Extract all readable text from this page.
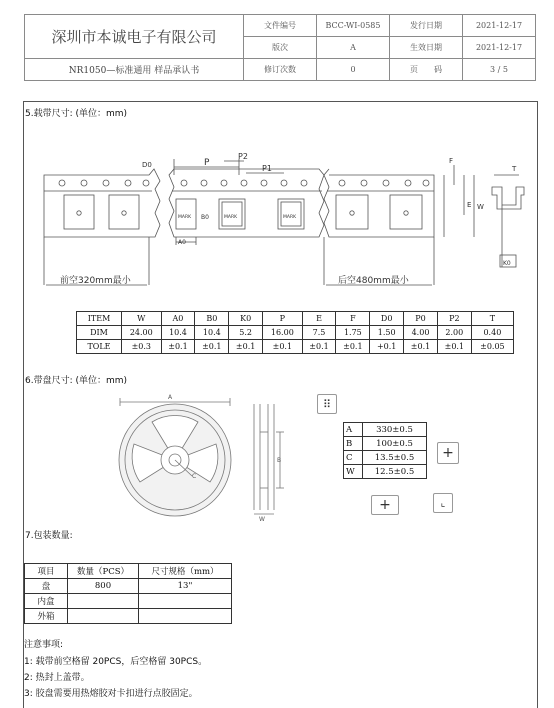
深圳市本诚电子有限公司	文件编号	BCC-WI-0585	发行日期	2021-12-17
	版次	A	生效日期	2021-12-17
NR1050—标准通用 样品承认书	修订次数	0	页　　码	3 / 5
5.载带尺寸: (单位：mm)
D0	P
P2
P1
F
E W
T
B0
A0
K0
MARK	MARK	MARK
前空320mm最小	后空480mm最小
ITEM	W	A0	B0	K0	P	E	F	D0	P0	P2	T
DIM	24.00	10.4	10.4	5.2	16.00	7.5	1.75	1.50	4.00	2.00	0.40
TOLE	±0.3	±0.1	±0.1	±0.1	±0.1	±0.1	±0.1	+0.1	±0.1	±0.1	±0.05
6.带盘尺寸: (单位：mm)
A
B
C
W
A	330±0.5
B	100±0.5
C	13.5±0.5
W	12.5±0.5
⠿
+
+	⌞
7.包装数量:
项目	数量（PCS）	尺寸规格（mm）
盘	800	13"
内盒		
外箱		
注意事项:
1: 载带前空格留 20PCS，后空格留 30PCS。
2: 热封上盖带。
3: 胶盘需要用热熔胶对卡扣进行点胶固定。
